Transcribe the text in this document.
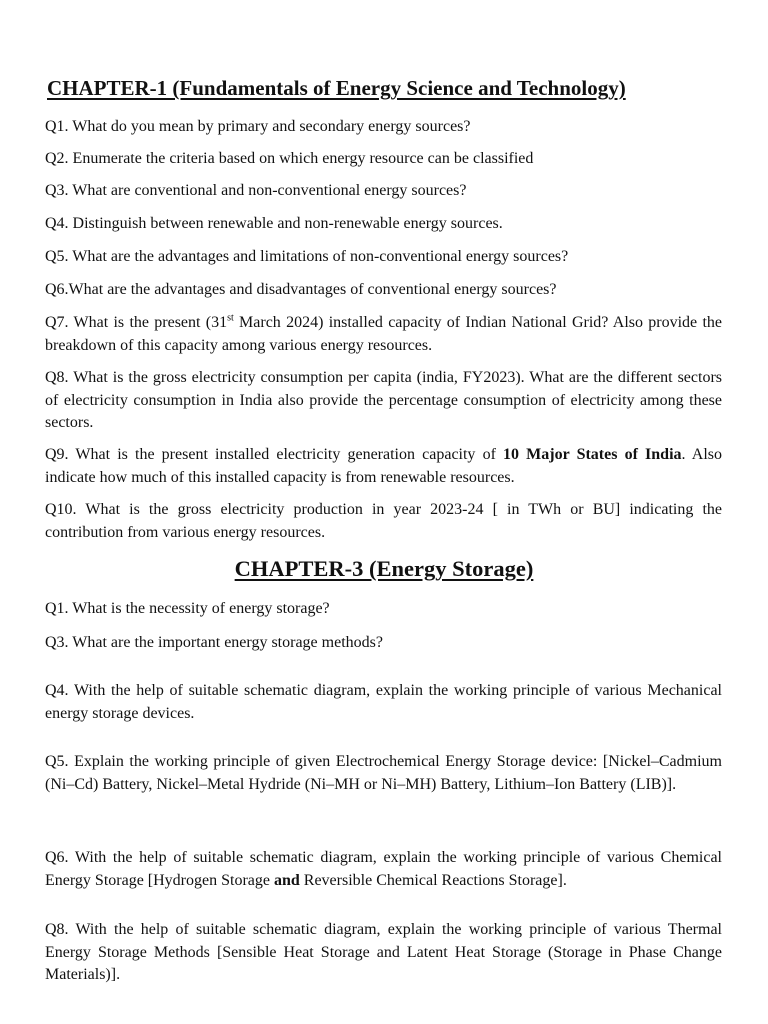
CHAPTER-1 (Fundamentals of Energy Science and Technology)

Q1. What do you mean by primary and secondary energy sources?

Q2. Enumerate the criteria based on which energy resource can be classified

Q3. What are conventional and non-conventional energy sources?

Q4. Distinguish between renewable and non-renewable energy sources.

Q5. What are the advantages and limitations of non-conventional energy sources?

Q6.What are the advantages and disadvantages of conventional energy sources?

Q7. What is the present (31st March 2024) installed capacity of Indian National Grid? Also provide the breakdown of this capacity among various energy resources.

Q8. What is the gross electricity consumption per capita (india, FY2023). What are the different sectors of electricity consumption in India also provide the percentage consumption of electricity among these sectors.

Q9. What is the present installed electricity generation capacity of 10 Major States of India. Also indicate how much of this installed capacity is from renewable resources.

Q10. What is the gross electricity production in year 2023-24 [ in TWh or BU] indicating the contribution from various energy resources.

CHAPTER-3 (Energy Storage)

Q1. What is the necessity of energy storage?

Q3. What are the important energy storage methods?

Q4. With the help of suitable schematic diagram, explain the working principle of various Mechanical energy storage devices.

Q5. Explain the working principle of given Electrochemical Energy Storage device: [Nickel–Cadmium (Ni–Cd) Battery, Nickel–Metal Hydride (Ni–MH or Ni–MH) Battery, Lithium–Ion Battery (LIB)].

Q6. With the help of suitable schematic diagram, explain the working principle of various Chemical Energy Storage [Hydrogen Storage and Reversible Chemical Reactions Storage].

Q8. With the help of suitable schematic diagram, explain the working principle of various Thermal Energy Storage Methods [Sensible Heat Storage and Latent Heat Storage (Storage in Phase Change Materials)].
